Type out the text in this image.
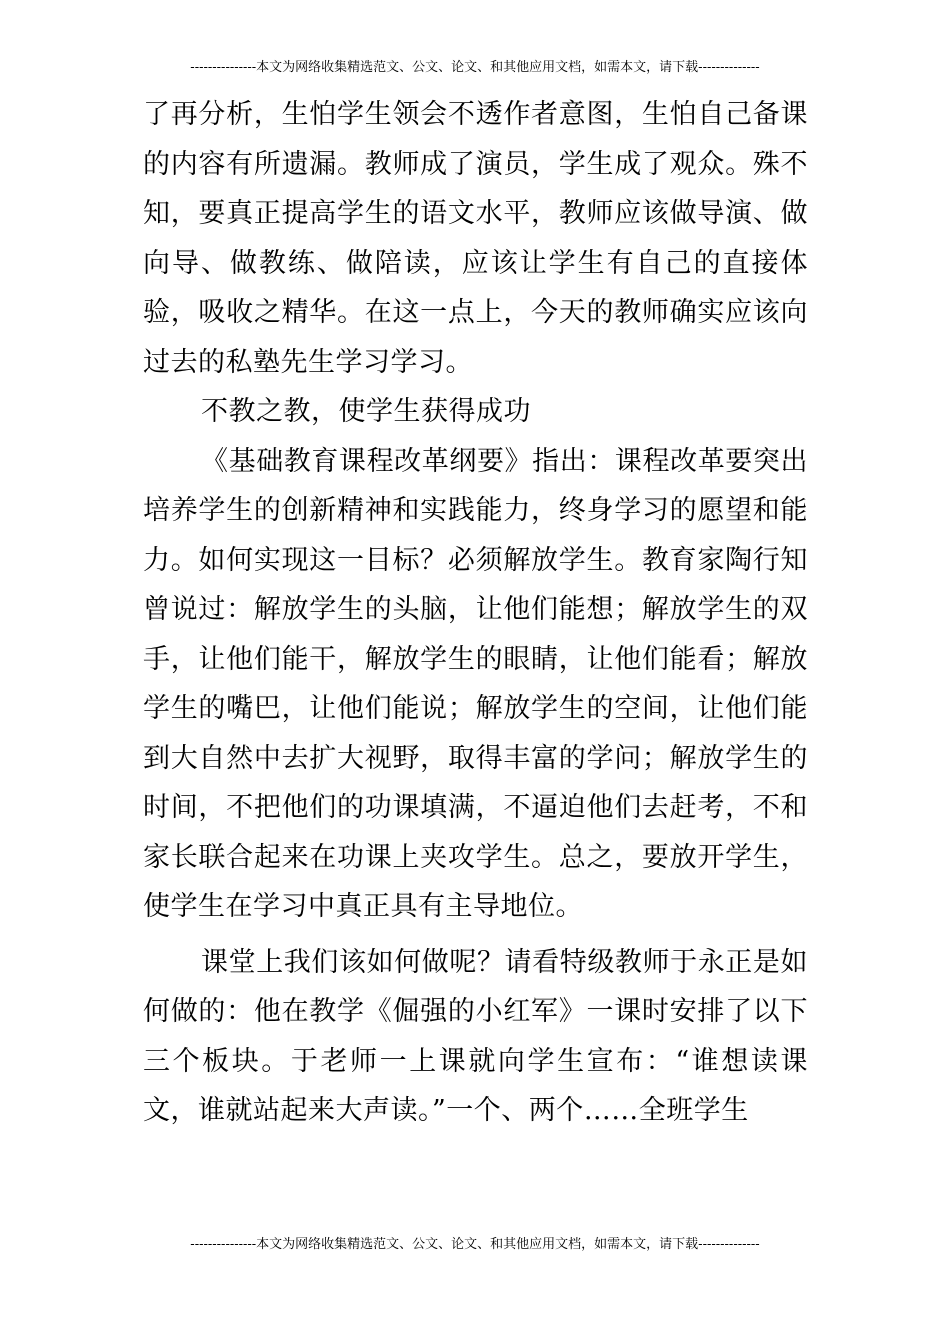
---------------本文为网络收集精选范文、公文、论文、和其他应用文档，如需本文，请下载--------------

了再分析，生怕学生领会不透作者意图，生怕自己备课的内容有所遗漏。教师成了演员，学生成了观众。殊不知，要真正提高学生的语文水平，教师应该做导演、做向导、做教练、做陪读，应该让学生有自己的直接体验，吸收之精华。在这一点上，今天的教师确实应该向过去的私塾先生学习学习。

不教之教，使学生获得成功

《基础教育课程改革纲要》指出：课程改革要突出培养学生的创新精神和实践能力，终身学习的愿望和能力。如何实现这一目标？必须解放学生。教育家陶行知曾说过：解放学生的头脑，让他们能想；解放学生的双手，让他们能干，解放学生的眼睛，让他们能看；解放学生的嘴巴，让他们能说；解放学生的空间，让他们能到大自然中去扩大视野，取得丰富的学问；解放学生的时间，不把他们的功课填满，不逼迫他们去赶考，不和家长联合起来在功课上夹攻学生。总之，要放开学生，使学生在学习中真正具有主导地位。

课堂上我们该如何做呢？请看特级教师于永正是如何做的：他在教学《倔强的小红军》一课时安排了以下三个板块。于老师一上课就向学生宣布：“谁想读课文，谁就站起来大声读。”一个、两个……全班学生

---------------本文为网络收集精选范文、公文、论文、和其他应用文档，如需本文，请下载--------------
